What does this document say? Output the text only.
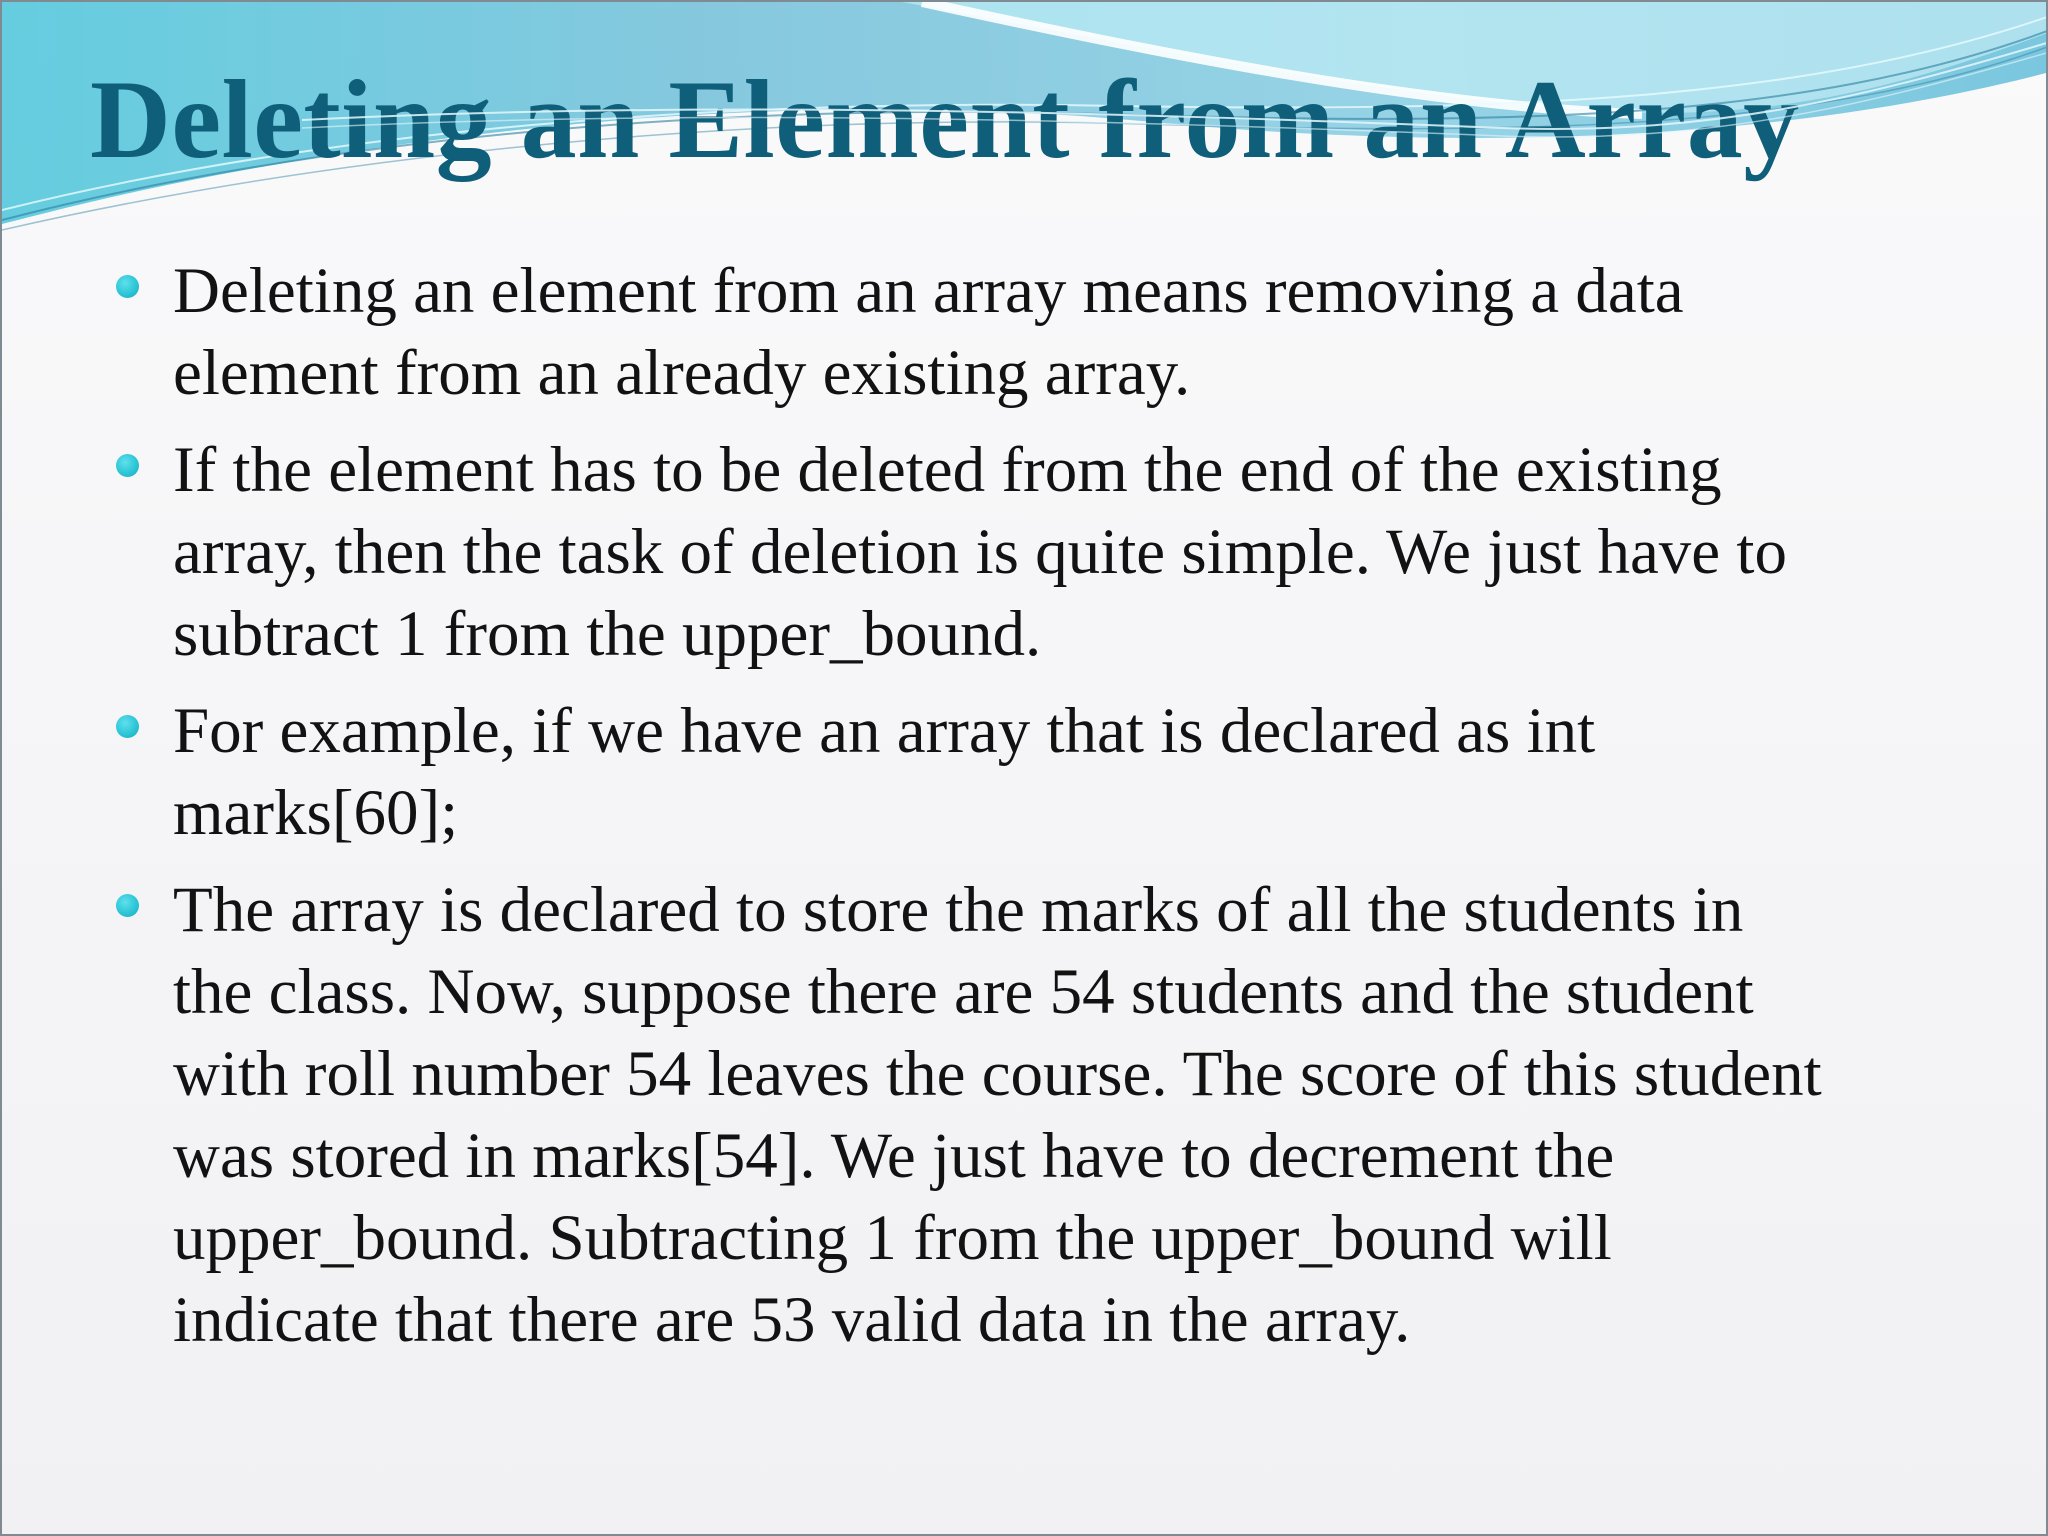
Deleting an Element from an Array
Deleting an element from an array means removing a data
element from an already existing array.
If the element has to be deleted from the end of the existing
array, then the task of deletion is quite simple. We just have to
subtract 1 from the upper_bound.
For example, if we have an array that is declared as int
marks[60];
The array is declared to store the marks of all the students in
the class. Now, suppose there are 54 students and the student
with roll number 54 leaves the course. The score of this student
was stored in marks[54]. We just have to decrement the
upper_bound. Subtracting 1 from the upper_bound will
indicate that there are 53 valid data in the array.
